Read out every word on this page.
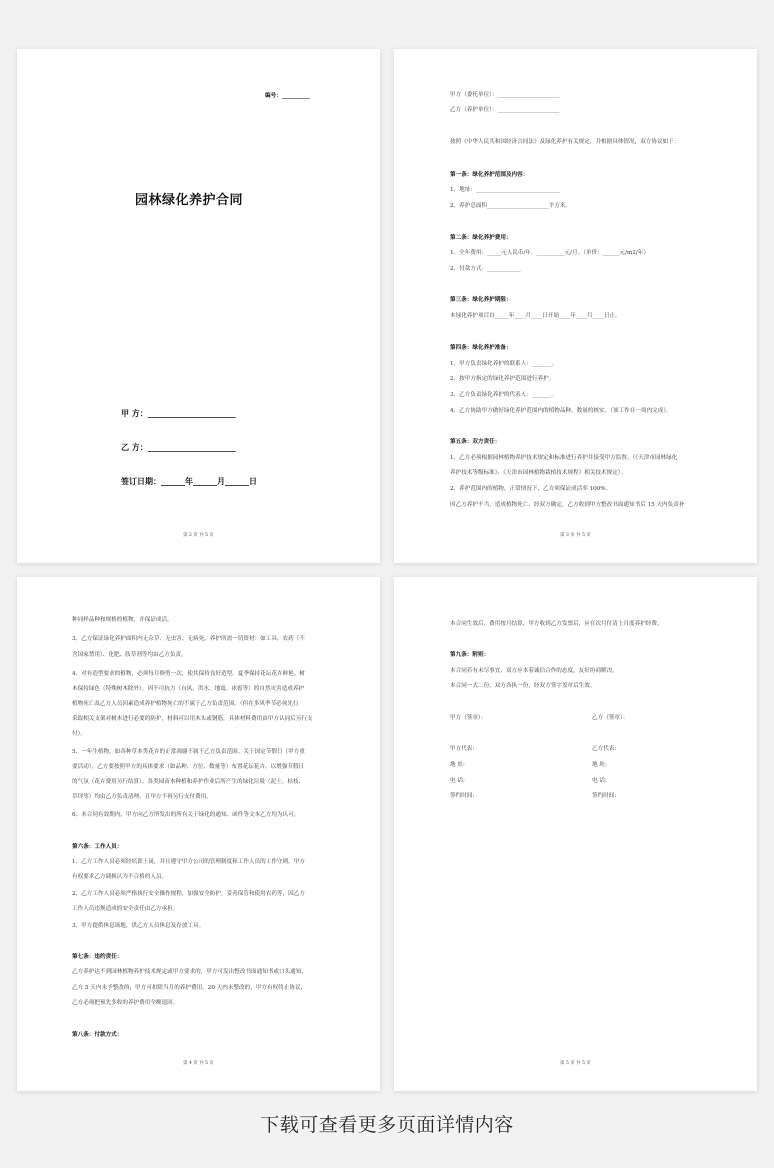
编号：__________
园林绿化养护合同
甲 方：______________________
乙 方：______________________
签订日期：______年______月______日
第 2 页 共 5 页
甲方（委托单位）：______________________
乙方（养护单位）：______________________
按照《中华人民共和国经济合同法》及绿化养护有关规定，并根据具体情况，双方协议如下：
第一条：绿化养护范围及内容：
1、地址：______________________________
2、养护总面积______________________平方米。
第二条：绿化养护费用：
1、全年费用：_____元人民币/年。__________元/月。（单价：______元/m2/年）
2、付款方式：____________
第三条：绿化养护期限：
本绿化养护项目自_____年____月____日开始____年____月____日止。
第四条：绿化养护准备：
1、甲方负责绿化养护的联系人：_______。
2、按甲方指定的绿化养护范围进行养护。
3、乙方负责绿化养护的代表人：_______。
4、乙方协助甲方做好绿化养护范围内的植物品种、数量的核实。（该工作在一周内完成）。
第五条：双方责任：
1、乙方必须根据园林植物养护技术规定和标准进行养护并接受甲方监督。（《天津市园林绿化
养护技术等级标准》、《天津市园林植物栽植技术规程》相关技术规定）。
2、养护范围内的植物，正常情况下，乙方须保证成活率 100%。
因乙方养护不当，造成植物死亡、经双方确定，乙方收到甲方整改书面通知书后 15 天内负责补
第 3 页 共 5 页
种同样品种和规格的植物，并保证成活。
3、乙方保证绿化养护面积内无杂草、无虫害、无病死，养护所需一切资材：如工具、农药（不
含国家禁用）、化肥、肢草剂等均由乙方负责。
4、对有造型要求的植物，必须每月修剪一次，使其保持良好造型。夏季保持花坛花卉鲜艳。树
木保持绿色（特殊树木除外）。因不可抗力（台风、洪水、地震、冰雹等）的自然灾害造成养护
植物死亡及乙方人员因素造成养护植物死亡的不属于乙方负责范围。（但在多风季节必须先行
采取相关支架对树木进行必要的防护，材料可以用木头或钢筋，具体材料费用由甲方认同后另行支
付）。
5、一年生植物，如各种草本类花卉的正常凋谢不属于乙方负责范围。关于国定节假日（甲方重
要活动），乙方要按照甲方的具体要求（如品种、方位、数量等）布置花坛花卉，以增强节假日
的气氛（花卉费用另行结算）。各类园苗木种植和养护作业后所产生的绿化垃圾（泥土、枯枝、
草坪等）均由乙方负责清理，且甲方不再另行支付费用。
6、本合同有效期内，甲方向乙方所发出的所有关于绿化的通知、函件等文本乙方均为认可。
第六条：工作人员：
1、乙方工作人员必须经培训上岗，并且遵守甲方公司的管理制度和工作人员的工作守则，甲方
有权要求乙方调换认为不合格的人员。
2、乙方工作人员必须严格执行安全操作规程，加强安全防护，妥善保管和使用农药等，因乙方
工作人员违规造成的安全责任由乙方承担。
3、甲方提供休息场地，供乙方人员休息及存放工具。
第七条：违约责任：
乙方养护达不到园林植物养护技术规定或甲方要求的，甲方可发出整改书面通知书或口头通知，
乙方 5 天内未予整改的，甲方可扣除当月的养护费用。20 天内未整改的，甲方有权终止协议，
乙方必须把预先多收的养护费用全额退回。
第八条：付款方式：
第 4 页 共 5 页
本合同生效后，费用按月结算，甲方收到乙方发票后，应在次月付清上月度养护经费。
第九条：附则：
本合同若有未尽事宜，双方应本着诚信合作的态度，友好协商解决。
本合同一式二份，双方各执一份，经双方签字盖章后生效。
甲方（签章）：	乙方（签章）：
甲方代表:
地 址:
电 话:
签约时间:
乙方代表:
地 址:
电 话:
签约时间:
第 5 页 共 5 页
下载可查看更多页面详情内容
